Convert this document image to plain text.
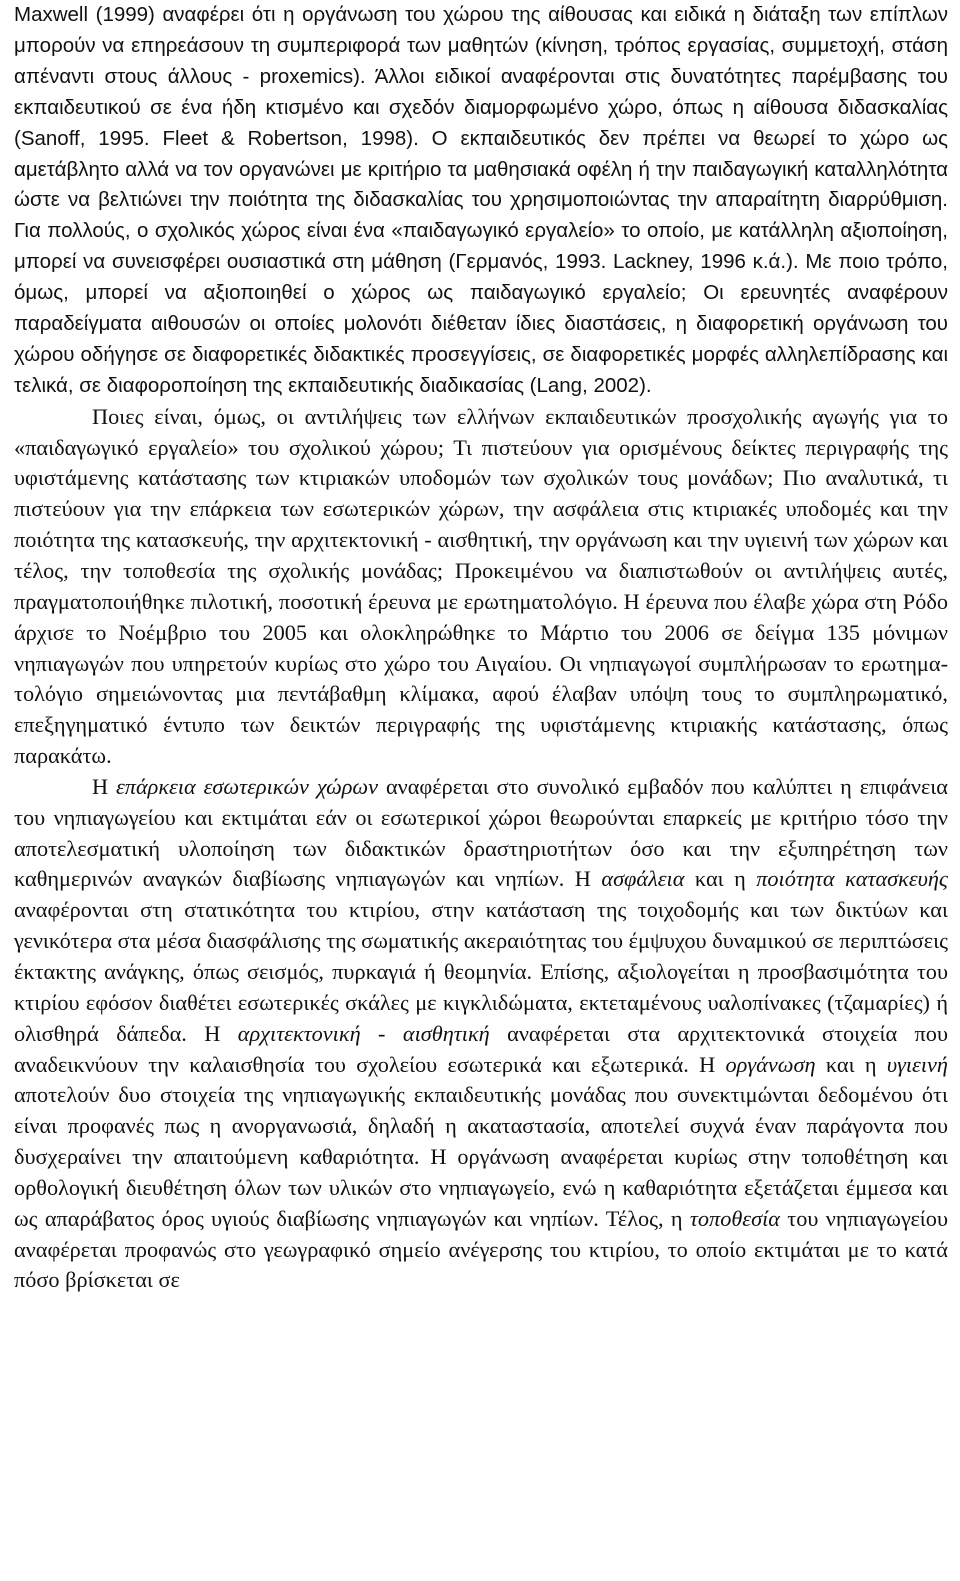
Maxwell (1999) αναφέρει ότι η οργάνωση του χώρου της αίθουσας και ειδικά η διάταξη των επίπλων μπορούν να επηρεάσουν τη συμπεριφορά των μαθητών (κίνηση, τρόπος εργασίας, συμμετοχή, στάση απέναντι στους άλλους - proxemics). Άλλοι ειδικοί αναφέρονται στις δυνατότητες παρέμβασης του εκπαιδευτικού σε ένα ήδη κτισμένο και σχεδόν διαμορφωμένο χώρο, όπως η αίθουσα διδασκαλίας (Sanoff, 1995. Fleet & Robertson, 1998). Ο εκπαιδευτικός δεν πρέπει να θεωρεί το χώρο ως αμετάβλητο αλλά να τον οργανώνει με κριτήριο τα μαθησιακά οφέλη ή την παιδαγωγική καταλληλότητα ώστε να βελτιώνει την ποιότητα της διδασκαλίας του χρησιμοποιώντας την απαραίτητη διαρρύθμιση. Για πολλούς, ο σχολικός χώρος είναι ένα «παιδαγωγικό εργαλείο» το οποίο, με κατάλληλη αξιοποίηση, μπορεί να συνεισφέρει ουσιαστικά στη μάθηση (Γερμανός, 1993. Lackney, 1996 κ.ά.). Με ποιο τρόπο, όμως, μπορεί να αξιοποιηθεί ο χώρος ως παιδαγωγικό εργαλείο; Οι ερευνητές αναφέρουν παραδείγματα αιθουσών οι οποίες μολονότι διέθεταν ίδιες διαστάσεις, η διαφορετική οργάνωση του χώρου οδήγησε σε διαφορετικές διδακτικές προσεγγίσεις, σε διαφορετικές μορφές αλληλεπίδρασης και τελικά, σε διαφοροποίηση της εκπαιδευτικής διαδικασίας (Lang, 2002).

Ποιες είναι, όμως, οι αντιλήψεις των ελλήνων εκπαιδευτικών προσχολικής αγωγής για το «παιδαγωγικό εργαλείο» του σχολικού χώρου; Τι πιστεύουν για ορισμένους δείκτες περιγραφής της υφιστάμενης κατάστασης των κτιριακών υποδομών των σχολικών τους μονάδων; Πιο αναλυτικά, τι πιστεύουν για την επάρκεια των εσωτερικών χώρων, την ασφάλεια στις κτιριακές υποδομές και την ποιότητα της κατασκευής, την αρχιτεκτονική - αισθητική, την οργάνωση και την υγιεινή των χώρων και τέλος, την τοποθεσία της σχολικής μονάδας; Προκειμένου να διαπιστωθούν οι αντιλήψεις αυτές, πραγματοποιήθηκε πιλοτική, ποσοτική έρευνα με ερωτηματολόγιο. Η έρευνα που έλαβε χώρα στη Ρόδο άρχισε το Νοέμβριο του 2005 και ολοκληρώθηκε το Μάρτιο του 2006 σε δείγμα 135 μόνιμων νηπιαγωγών που υπηρετούν κυρίως στο χώρο του Αιγαίου. Οι νηπιαγωγοί συμπλήρωσαν το ερωτηματολόγιο σημειώνοντας μια πεντάβαθμη κλίμακα, αφού έλαβαν υπόψη τους το συμπληρωματικό, επεξηγηματικό έντυπο των δεικτών περιγραφής της υφιστάμενης κτιριακής κατάστασης, όπως παρακάτω.

Η επάρκεια εσωτερικών χώρων αναφέρεται στο συνολικό εμβαδόν που καλύπτει η επιφάνεια του νηπιαγωγείου και εκτιμάται εάν οι εσωτερικοί χώροι θεωρούνται επαρκείς με κριτήριο τόσο την αποτελεσματική υλοποίηση των διδακτικών δραστηριοτήτων όσο και την εξυπηρέτηση των καθημερινών αναγκών διαβίωσης νηπιαγωγών και νηπίων. Η ασφάλεια και η ποιότητα κατασκευής αναφέρονται στη στατικότητα του κτιρίου, στην κατάσταση της τοιχοδομής και των δικτύων και γενικότερα στα μέσα διασφάλισης της σωματικής ακεραιότητας του έμψυχου δυναμικού σε περιπτώσεις έκτακτης ανάγκης, όπως σεισμός, πυρκαγιά ή θεομηνία. Επίσης, αξιολογείται η προσβασιμότητα του κτιρίου εφόσον διαθέτει εσωτερικές σκάλες με κιγκλιδώματα, εκτεταμένους υαλοπίνακες (τζαμαρίες) ή ολισθηρά δάπεδα. Η αρχιτεκτονική - αισθητική αναφέρεται στα αρχιτεκτονικά στοιχεία που αναδεικνύουν την καλαισθησία του σχολείου εσωτερικά και εξωτερικά. Η οργάνωση και η υγιεινή αποτελούν δυο στοιχεία της νηπιαγωγικής εκπαιδευτικής μονάδας που συνεκτιμώνται δεδομένου ότι είναι προφανές πως η ανοργανωσιά, δηλαδή η ακαταστασία, αποτελεί συχνά έναν παράγοντα που δυσχεραίνει την απαιτούμενη καθαριότητα. Η οργάνωση αναφέρεται κυρίως στην τοποθέτηση και ορθολογική διευθέτηση όλων των υλικών στο νηπιαγωγείο, ενώ η καθαριότητα εξετάζεται έμμεσα και ως απαράβατος όρος υγιούς διαβίωσης νηπιαγωγών και νηπίων. Τέλος, η τοποθεσία του νηπιαγωγείου αναφέρεται προφανώς στο γεωγραφικό σημείο ανέγερσης του κτιρίου, το οποίο εκτιμάται με το κατά πόσο βρίσκεται σε
